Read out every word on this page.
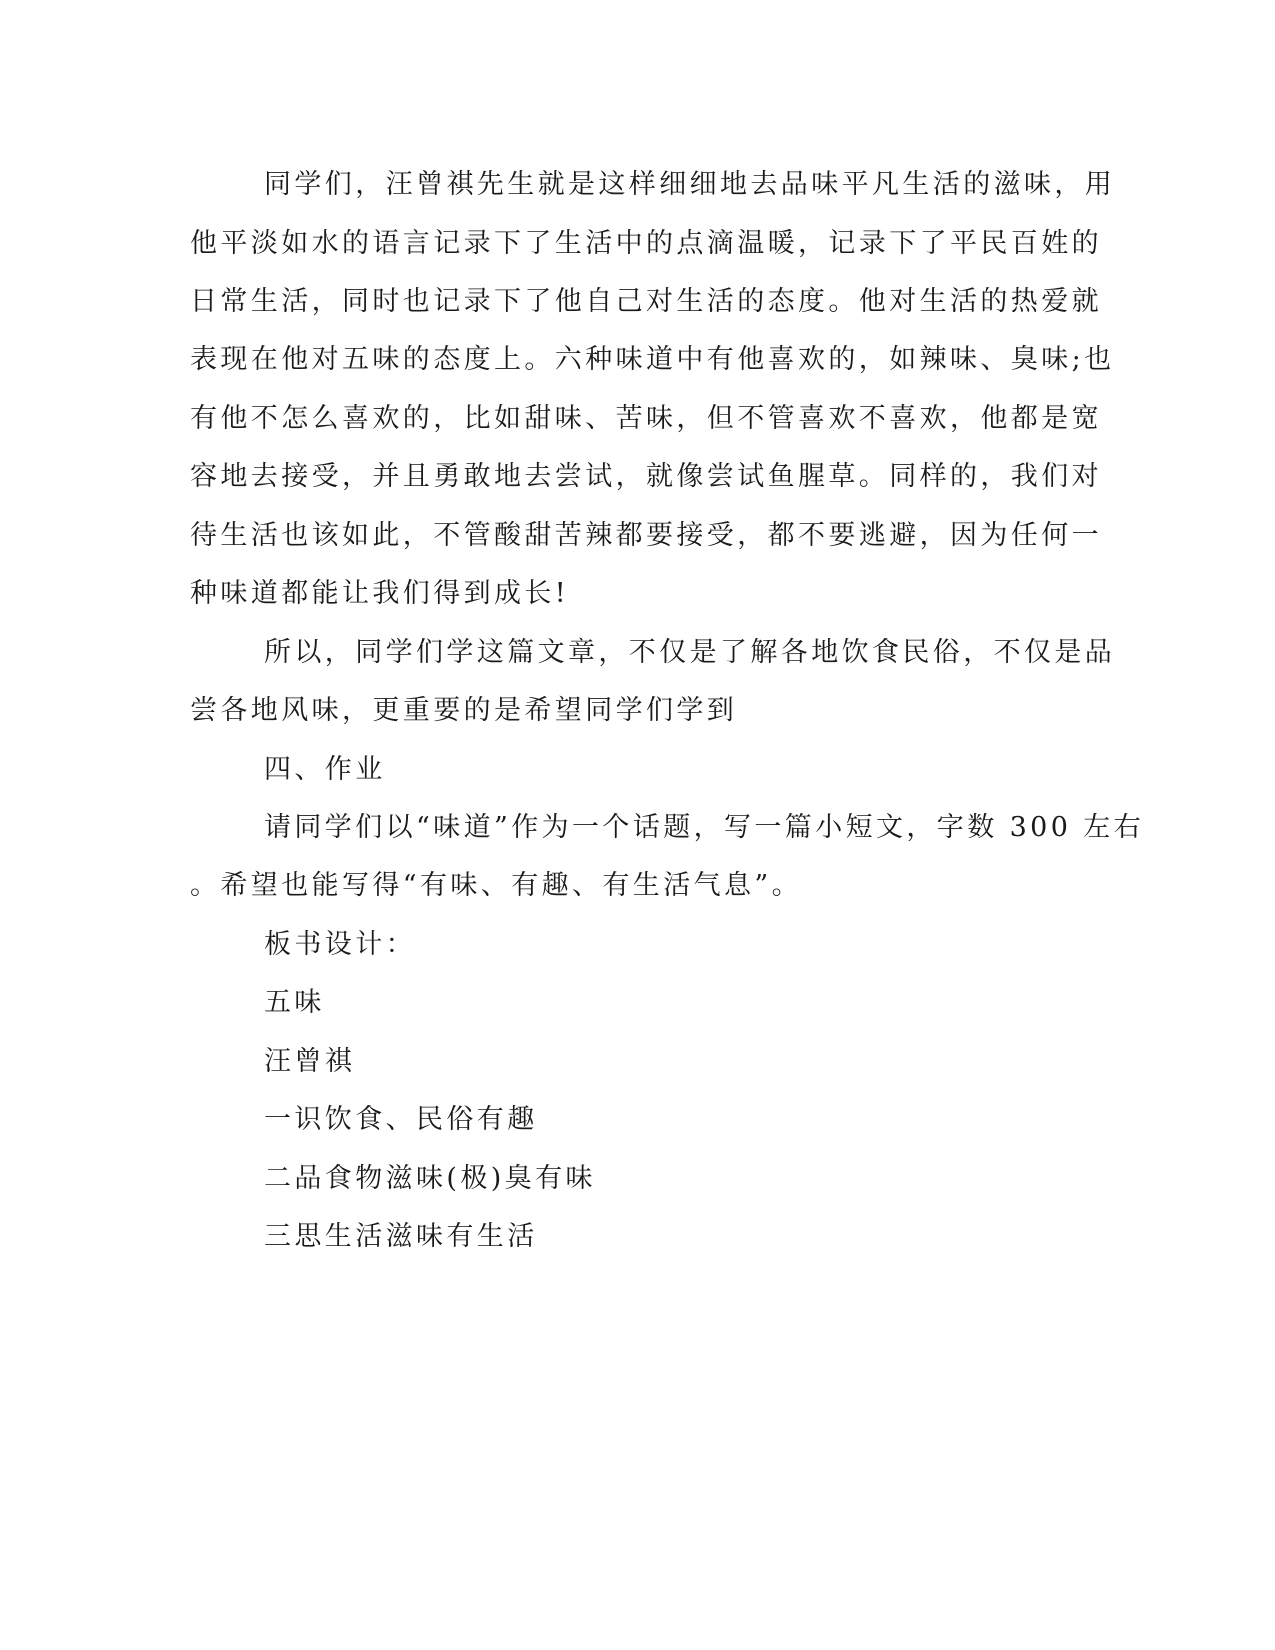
同学们，汪曾祺先生就是这样细细地去品味平凡生活的滋味，用
他平淡如水的语言记录下了生活中的点滴温暖，记录下了平民百姓的
日常生活，同时也记录下了他自己对生活的态度。他对生活的热爱就
表现在他对五味的态度上。六种味道中有他喜欢的，如辣味、臭味;也
有他不怎么喜欢的，比如甜味、苦味，但不管喜欢不喜欢，他都是宽
容地去接受，并且勇敢地去尝试，就像尝试鱼腥草。同样的，我们对
待生活也该如此，不管酸甜苦辣都要接受，都不要逃避，因为任何一
种味道都能让我们得到成长!
所以，同学们学这篇文章，不仅是了解各地饮食民俗，不仅是品
尝各地风味，更重要的是希望同学们学到
四、作业
请同学们以“味道”作为一个话题，写一篇小短文，字数 300 左右
。希望也能写得“有味、有趣、有生活气息”。
板书设计：
五味
汪曾祺
一识饮食、民俗有趣
二品食物滋味(极)臭有味
三思生活滋味有生活
